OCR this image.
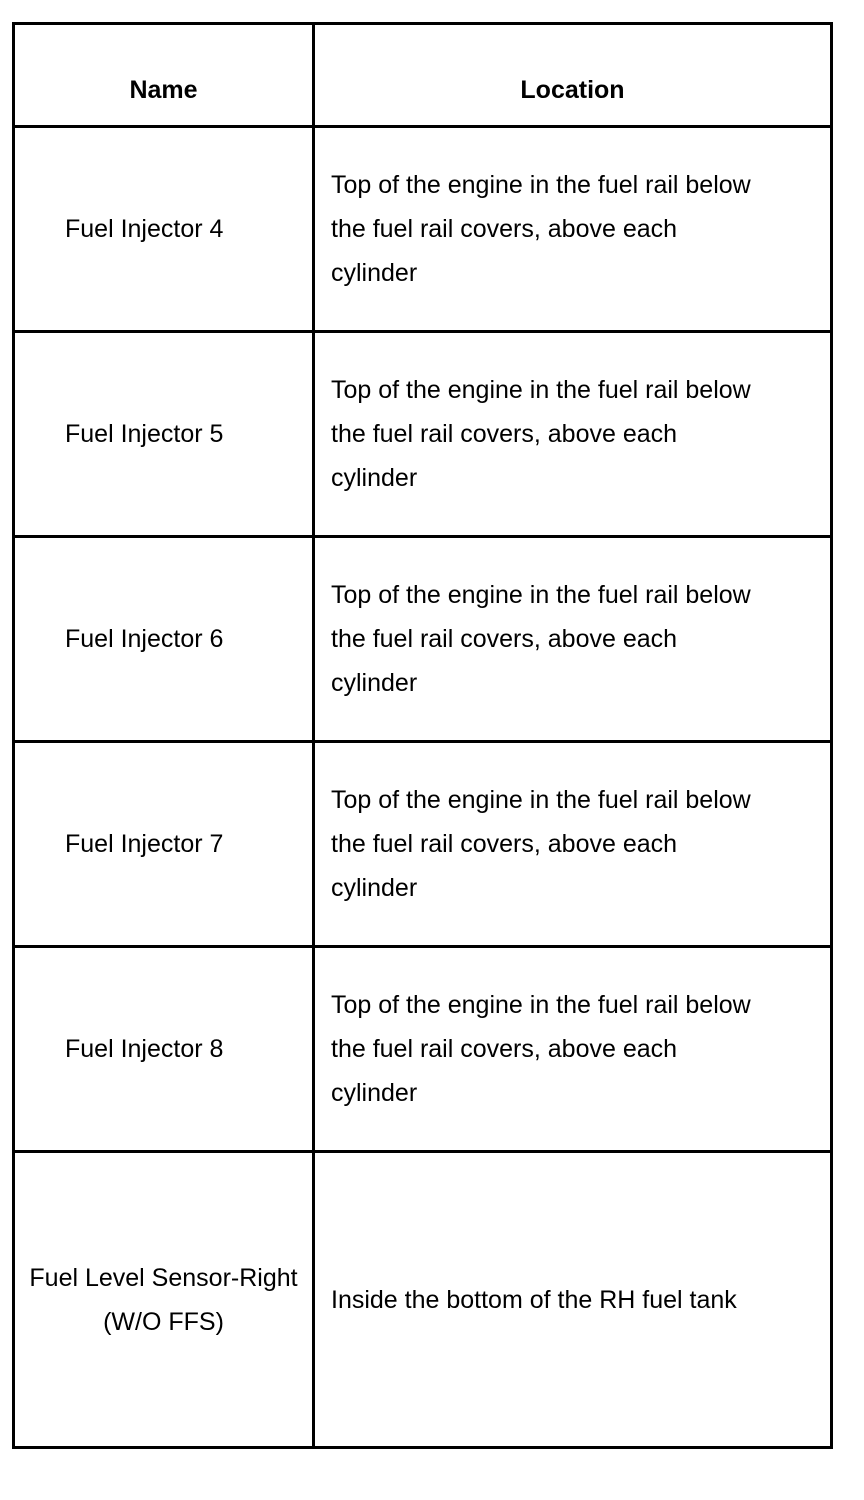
Name	Location
Fuel Injector 4	Top of the engine in the fuel rail below the fuel rail covers, above each cylinder
Fuel Injector 5	Top of the engine in the fuel rail below the fuel rail covers, above each cylinder
Fuel Injector 6	Top of the engine in the fuel rail below the fuel rail covers, above each cylinder
Fuel Injector 7	Top of the engine in the fuel rail below the fuel rail covers, above each cylinder
Fuel Injector 8	Top of the engine in the fuel rail below the fuel rail covers, above each cylinder
Fuel Level Sensor-Right (W/O FFS)	Inside the bottom of the RH fuel tank
